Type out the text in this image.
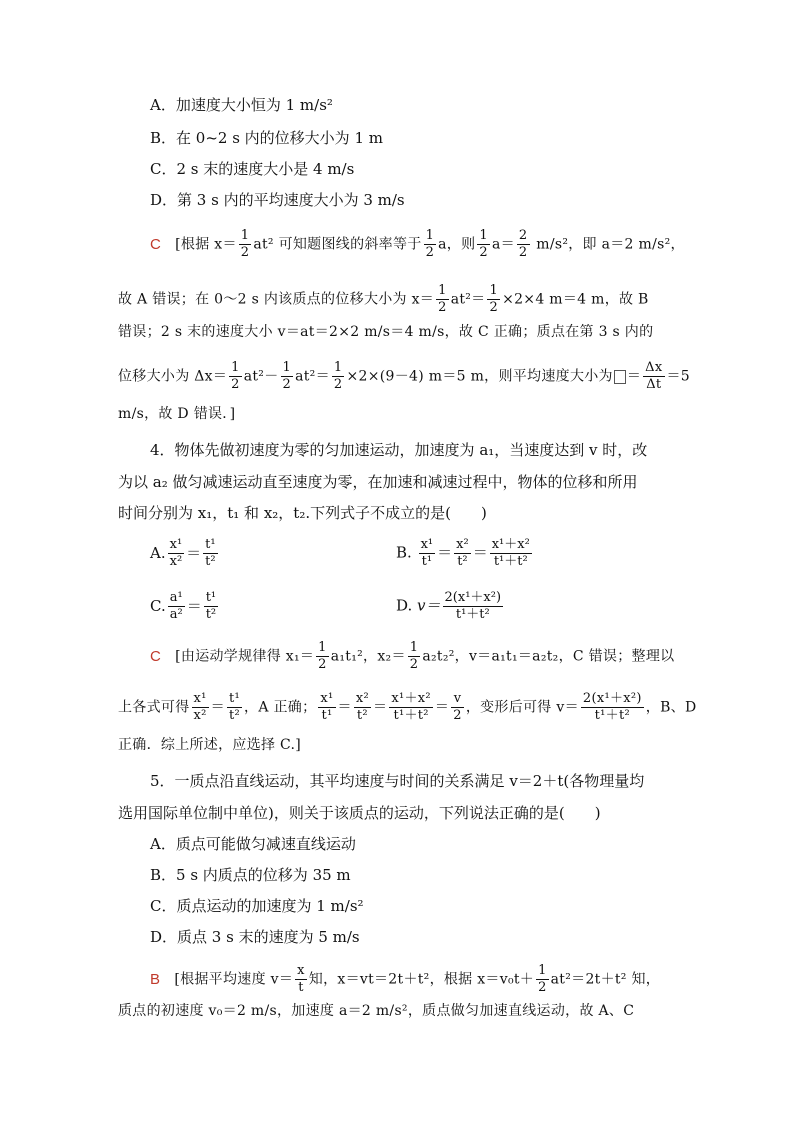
A．加速度大小恒为 1 m/s²
B．在 0~2 s 内的位移大小为 1 m
C．2 s 末的速度大小是 4 m/s
D．第 3 s 内的平均速度大小为 3 m/s
C [根据 $x= \frac{1}{2} at^2$ 可知题图线的斜率等于 $\frac{1}{2}$ a，则 $\frac{1}{2} a= \frac{2}{2} m/s^2$，即 a＝2 m/s²，
故 A 错误；在 0～2 s 内该质点的位移大小为 $x= \frac{1}{2} at^2= \frac{1}{2} \times 2\times 4$ m＝4 m，故 B
错误；2 s 末的速度大小 v＝at＝2×2 m/s＝4 m/s，故 C 正确；质点在第 3 s 内的
位移大小为 $\Delta x= \frac{1}{2} at^2- \frac{1}{2} at^2= \frac{1}{2} \times 2\times(9-4)$ m＝5 m，则平均速度大小为 ＝ $\frac{\Delta x}{\Delta t} =5$
m/s，故 D 错误．]
4．物体先做初速度为零的匀加速运动，加速度为 a₁，当速度达到 v 时，改
为以 a₂ 做匀减速运动直至速度为零，在加速和减速过程中，物体的位移和所用
时间分别为 x₁，t₁ 和 x₂，t₂.下列式子不成立的是(　　)
A. $\frac{\text{x¹}}{\text{x²}} = \frac{\text{t¹}}{\text{t²}}$	B. $\frac{\text{x¹}}{\text{t¹}} = \frac{\text{x²}}{\text{t²}} = \frac{\text{x¹＋x²}}{\text{t¹＋t²}}$
C. $\frac{\text{a¹}}{\text{a²}} = \frac{\text{t¹}}{\text{t²}}$	D. $v= \frac{\text{2(x¹＋x²)}}{\text{t¹＋t²}}$
C [由运动学规律得 $x_1= \frac{1}{2} a_1t_1^2$，$x_2= \frac{1}{2} a_2t_2^2$，v＝a₁t₁＝a₂t₂，C 错误；整理以
上各式可得 $\frac{\text{x¹}}{\text{x²}} = \frac{\text{t¹}}{\text{t²}}$ ，A 正确； $\frac{\text{x¹}}{\text{t¹}} = \frac{\text{x²}}{\text{t²}} = \frac{\text{x¹＋x²}}{\text{t¹＋t²}} = \frac{v}{2}$ ，变形后可得 $v= \frac{\text{2(x¹＋x²)}}{\text{t¹＋t²}}$ ，B、D
正确．综上所述，应选择 C.]
5．一质点沿直线运动，其平均速度与时间的关系满足 v＝2＋t(各物理量均
选用国际单位制中单位)，则关于该质点的运动，下列说法正确的是(　　)
A．质点可能做匀减速直线运动
B．5 s 内质点的位移为 35 m
C．质点运动的加速度为 1 m/s²
D．质点 3 s 末的速度为 5 m/s
B [根据平均速度 $v= \frac{x}{t}$ 知，x＝vt＝2t＋t²，根据 $x=v_0t+ \frac{1}{2} at^2=2t+t^2$ 知，
质点的初速度 v₀＝2 m/s，加速度 a＝2 m/s²，质点做匀加速直线运动，故 A、C
